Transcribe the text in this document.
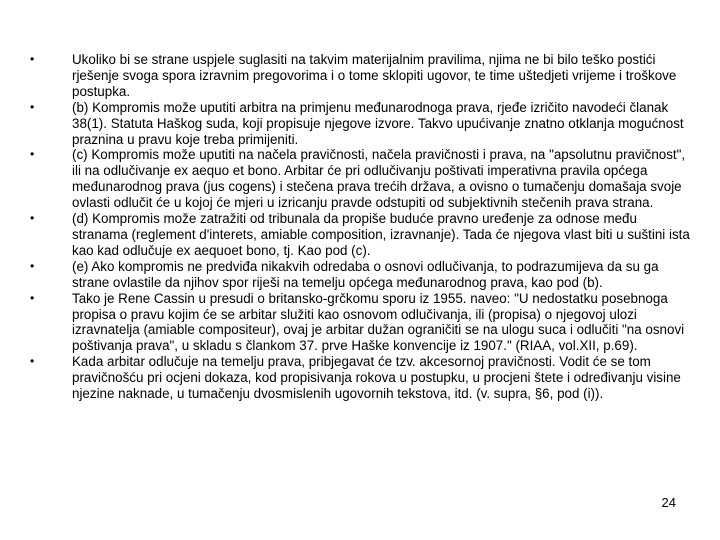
•	Ukoliko bi se strane uspjele suglasiti na takvim materijalnim pravilima, njima ne bi bilo teško postići rješenje svoga spora izravnim pregovorima i o tome sklopiti ugovor, te time uštedjeti vrijeme i troškove postupka.
•	(b) Kompromis može uputiti arbitra na primjenu međunarodnoga prava, rjeđe izričito navodeći članak 38(1). Statuta Haškog suda, koji propisuje njegove izvore. Takvo upućivanje znatno otklanja mogućnost praznina u pravu koje treba primijeniti.
•	(c) Kompromis može uputiti na načela pravičnosti, načela pravičnosti i prava, na "apsolutnu pravičnost", ili na odlučivanje ex aequo et bono. Arbitar će pri odlučivanju poštivati imperativna pravila općega međunarodnog prava (jus cogens) i stečena prava trećih država, a ovisno o tumačenju domašaja svoje ovlasti odlučit će u kojoj će mjeri u izricanju pravde odstupiti od subjektivnih stečenih prava strana.
•	(d) Kompromis može zatražiti od tribunala da propiše buduće pravno uređenje za odnose među stranama (reglement d'interets, amiable composition, izravnanje). Tada će njegova vlast biti u suštini ista kao kad odlučuje ex aequoet bono, tj. Kao pod (c).
•	(e) Ako kompromis ne predviđa nikakvih odredaba o osnovi odlučivanja, to podrazumijeva da su ga strane ovlastile da njihov spor riješi na temelju općega međunarodnog prava, kao pod (b).
•	Tako je Rene Cassin u presudi o britansko-grčkomu sporu iz 1955. naveo: "U nedostatku posebnoga propisa o pravu kojim će se arbitar služiti kao osnovom odlučivanja, ili (propisa) o njegovoj ulozi izravnatelja (amiable compositeur), ovaj je arbitar dužan ograničiti se na ulogu suca i odlučiti "na osnovi poštivanja prava", u skladu s člankom 37. prve Haške konvencije iz 1907." (RIAA, vol.XII, p.69).
•	Kada arbitar odlučuje na temelju prava, pribjegavat će tzv. akcesornoj pravičnosti. Vodit će se tom pravičnošću pri ocjeni dokaza, kod propisivanja rokova u postupku, u procjeni štete i određivanju visine njezine naknade, u tumačenju dvosmislenih ugovornih tekstova, itd. (v. supra, §6, pod (i)).
24
